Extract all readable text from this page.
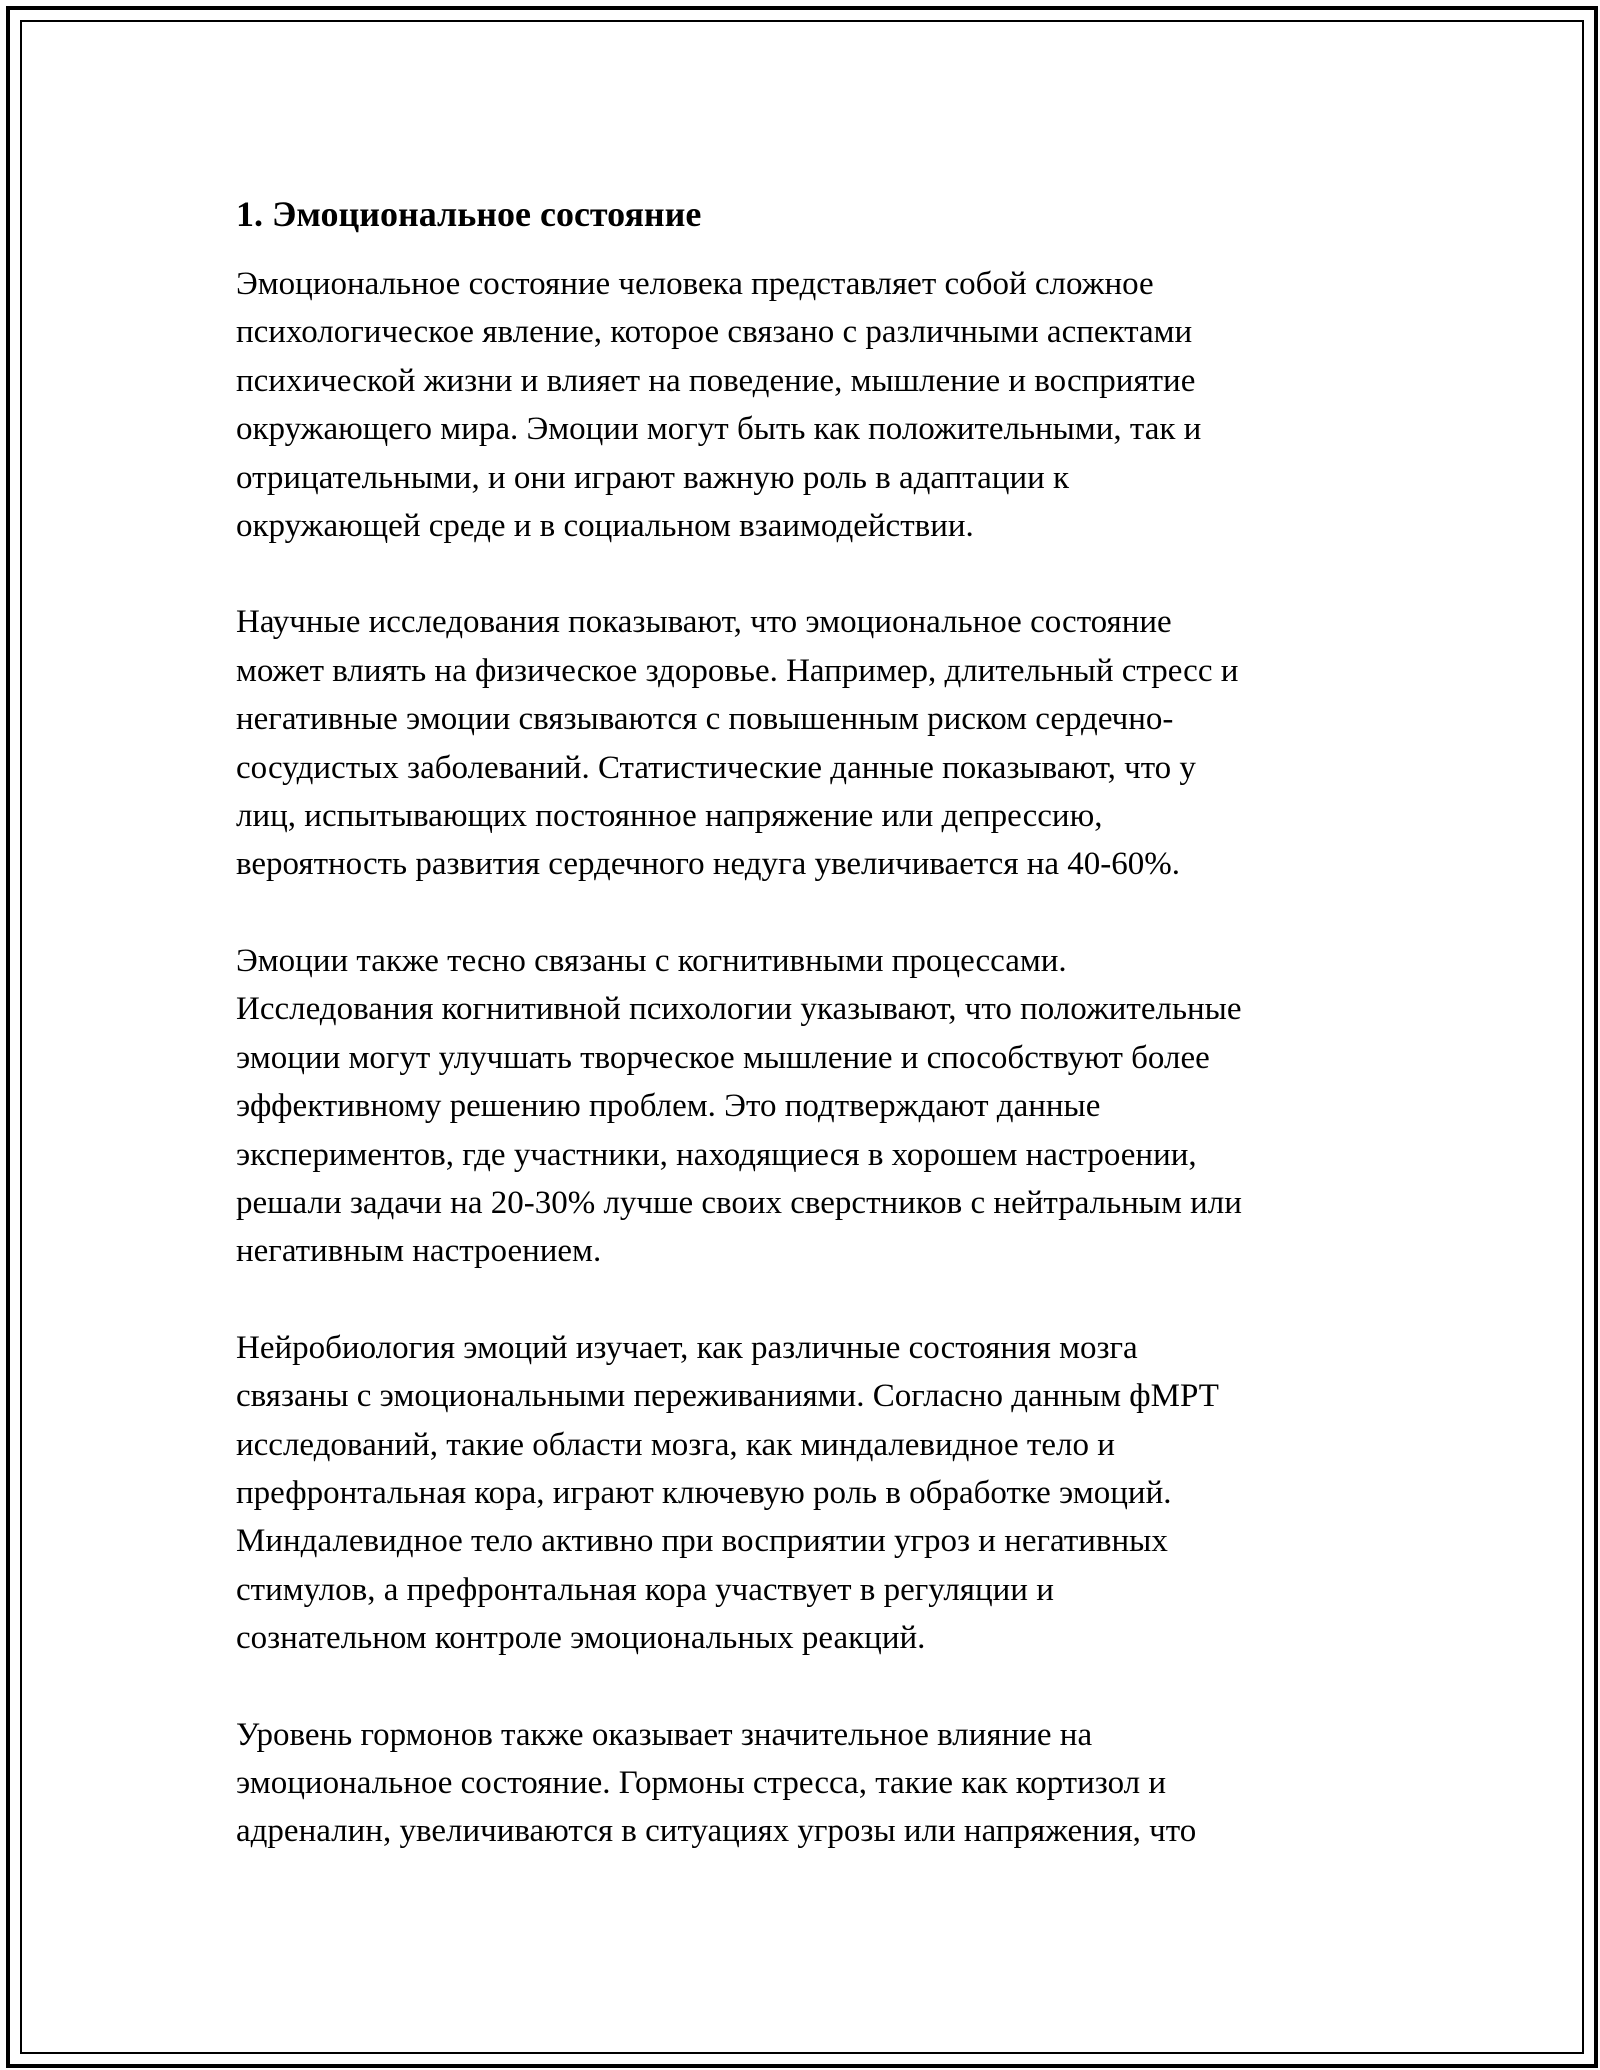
1. Эмоциональное состояние

Эмоциональное состояние человека представляет собой сложное
психологическое явление, которое связано с различными аспектами
психической жизни и влияет на поведение, мышление и восприятие
окружающего мира. Эмоции могут быть как положительными, так и
отрицательными, и они играют важную роль в адаптации к
окружающей среде и в социальном взаимодействии.

Научные исследования показывают, что эмоциональное состояние
может влиять на физическое здоровье. Например, длительный стресс и
негативные эмоции связываются с повышенным риском сердечно-
сосудистых заболеваний. Статистические данные показывают, что у
лиц, испытывающих постоянное напряжение или депрессию,
вероятность развития сердечного недуга увеличивается на 40-60%.

Эмоции также тесно связаны с когнитивными процессами.
Исследования когнитивной психологии указывают, что положительные
эмоции могут улучшать творческое мышление и способствуют более
эффективному решению проблем. Это подтверждают данные
экспериментов, где участники, находящиеся в хорошем настроении,
решали задачи на 20-30% лучше своих сверстников с нейтральным или
негативным настроением.

Нейробиология эмоций изучает, как различные состояния мозга
связаны с эмоциональными переживаниями. Согласно данным фМРТ
исследований, такие области мозга, как миндалевидное тело и
префронтальная кора, играют ключевую роль в обработке эмоций.
Миндалевидное тело активно при восприятии угроз и негативных
стимулов, а префронтальная кора участвует в регуляции и
сознательном контроле эмоциональных реакций.

Уровень гормонов также оказывает значительное влияние на
эмоциональное состояние. Гормоны стресса, такие как кортизол и
адреналин, увеличиваются в ситуациях угрозы или напряжения, что
